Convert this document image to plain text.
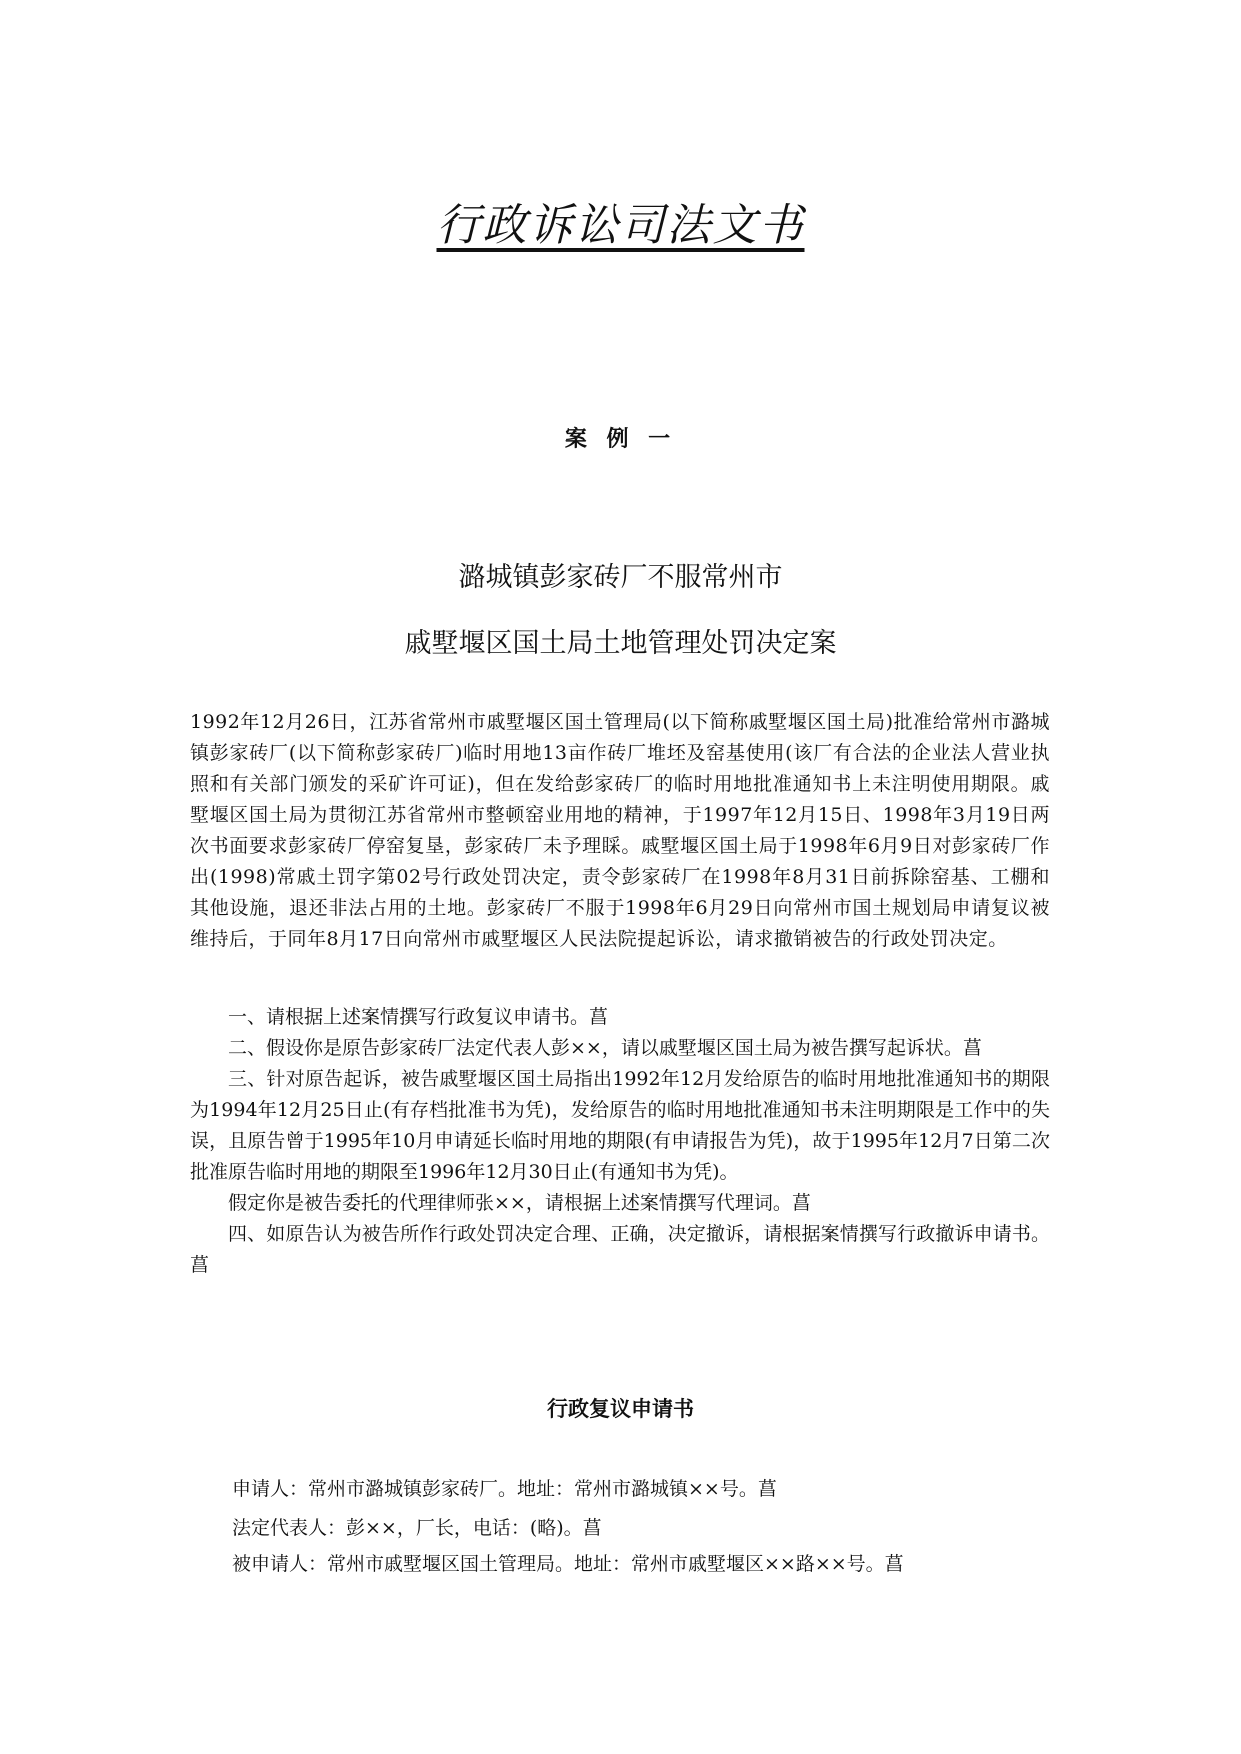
行政诉讼司法文书
案 例 一
潞城镇彭家砖厂不服常州市
戚墅堰区国土局土地管理处罚决定案
1992年12月26日，江苏省常州市戚墅堰区国土管理局(以下简称戚墅堰区国土局)批准给常州市潞城镇彭家砖厂(以下简称彭家砖厂)临时用地13亩作砖厂堆坯及窑基使用(该厂有合法的企业法人营业执照和有关部门颁发的采矿许可证)，但在发给彭家砖厂的临时用地批准通知书上未注明使用期限。戚墅堰区国土局为贯彻江苏省常州市整顿窑业用地的精神，于1997年12月15日、1998年3月19日两次书面要求彭家砖厂停窑复垦，彭家砖厂未予理睬。戚墅堰区国土局于1998年6月9日对彭家砖厂作出(1998)常戚土罚字第02号行政处罚决定，责令彭家砖厂在1998年8月31日前拆除窑基、工棚和其他设施，退还非法占用的土地。彭家砖厂不服于1998年6月29日向常州市国土规划局申请复议被维持后，于同年8月17日向常州市戚墅堰区人民法院提起诉讼，请求撤销被告的行政处罚决定。

一、请根据上述案情撰写行政复议申请书。菖

二、假设你是原告彭家砖厂法定代表人彭××，请以戚墅堰区国土局为被告撰写起诉状。菖

三、针对原告起诉，被告戚墅堰区国土局指出1992年12月发给原告的临时用地批准通知书的期限为1994年12月25日止(有存档批准书为凭)，发给原告的临时用地批准通知书未注明期限是工作中的失误，且原告曾于1995年10月申请延长临时用地的期限(有申请报告为凭)，故于1995年12月7日第二次批准原告临时用地的期限至1996年12月30日止(有通知书为凭)。

假定你是被告委托的代理律师张××，请根据上述案情撰写代理词。菖

四、如原告认为被告所作行政处罚决定合理、正确，决定撤诉，请根据案情撰写行政撤诉申请书。菖

行政复议申请书
申请人：常州市潞城镇彭家砖厂。地址：常州市潞城镇××号。菖
法定代表人：彭××，厂长，电话：(略)。菖
被申请人：常州市戚墅堰区国土管理局。地址：常州市戚墅堰区××路××号。菖
